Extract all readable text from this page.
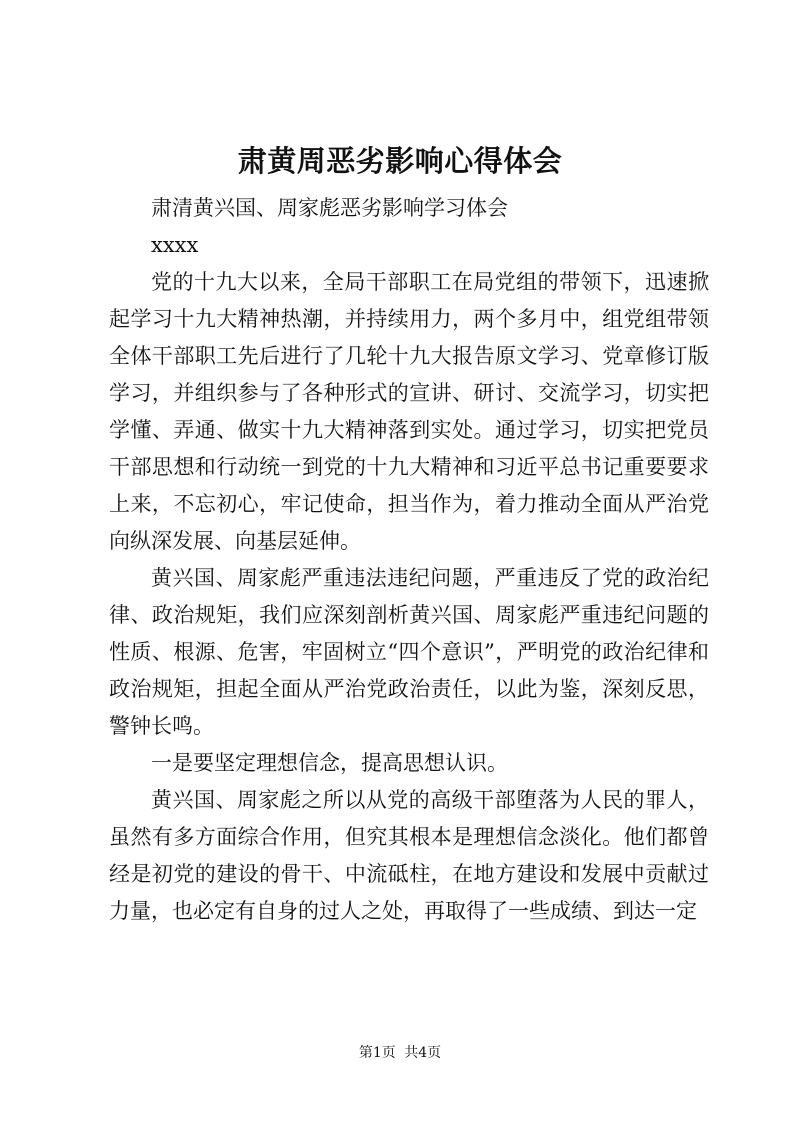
肃黄周恶劣影响心得体会

肃清黄兴国、周家彪恶劣影响学习体会

xxxx

党的十九大以来，全局干部职工在局党组的带领下，迅速掀起学习十九大精神热潮，并持续用力，两个多月中，组党组带领全体干部职工先后进行了几轮十九大报告原文学习、党章修订版学习，并组织参与了各种形式的宣讲、研讨、交流学习，切实把学懂、弄通、做实十九大精神落到实处。通过学习，切实把党员干部思想和行动统一到党的十九大精神和习近平总书记重要要求上来，不忘初心，牢记使命，担当作为，着力推动全面从严治党向纵深发展、向基层延伸。

黄兴国、周家彪严重违法违纪问题，严重违反了党的政治纪律、政治规矩，我们应深刻剖析黄兴国、周家彪严重违纪问题的性质、根源、危害，牢固树立“四个意识”，严明党的政治纪律和政治规矩，担起全面从严治党政治责任，以此为鉴，深刻反思，警钟长鸣。

一是要坚定理想信念，提高思想认识。

黄兴国、周家彪之所以从党的高级干部堕落为人民的罪人，虽然有多方面综合作用，但究其根本是理想信念淡化。他们都曾经是初党的建设的骨干、中流砥柱，在地方建设和发展中贡献过力量，也必定有自身的过人之处，再取得了一些成绩、到达一定

第1页 共4页
